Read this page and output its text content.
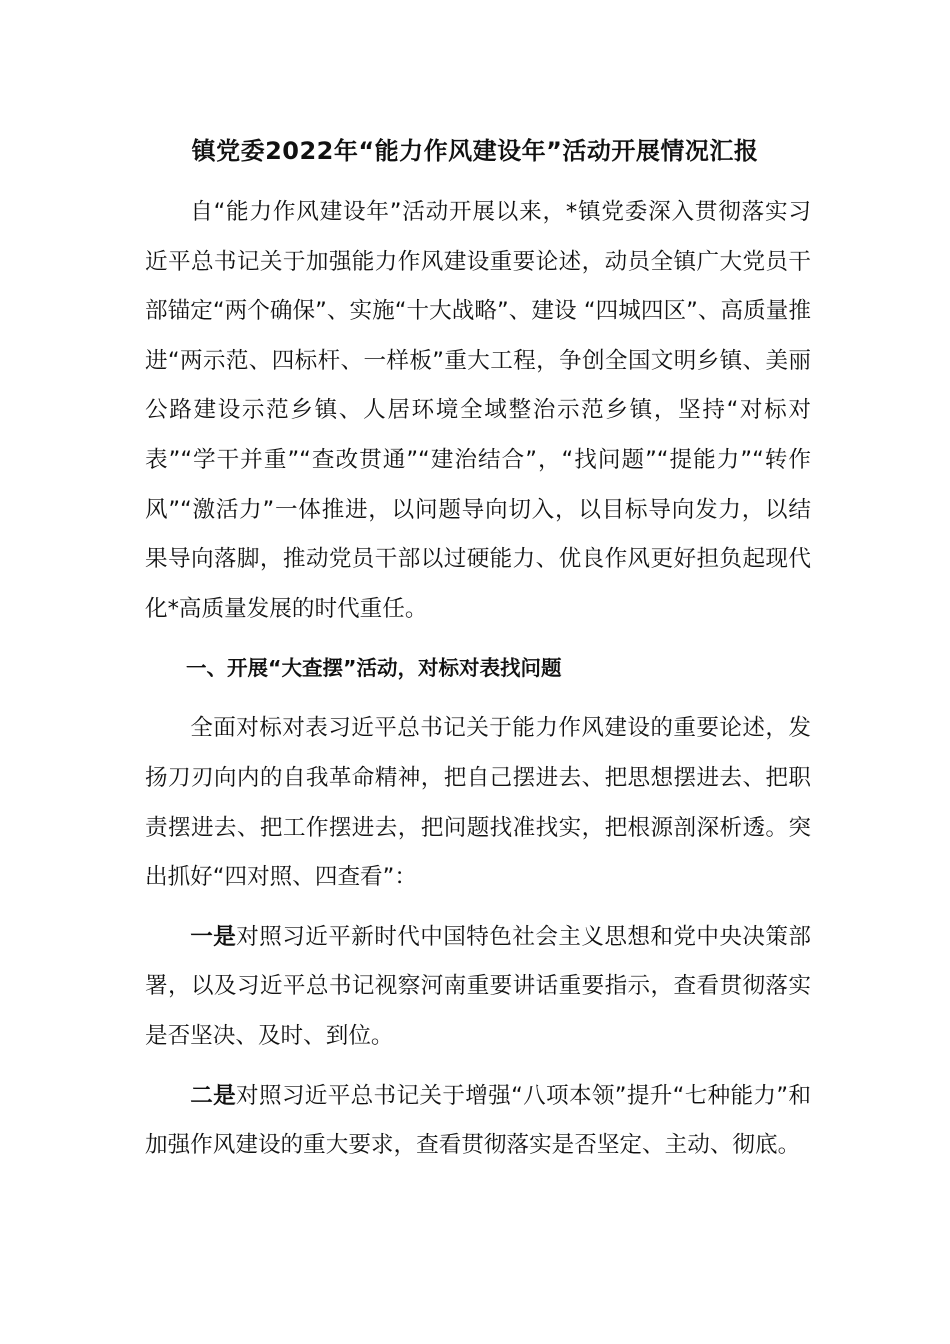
镇党委2022年“能力作风建设年”活动开展情况汇报

自“能力作风建设年”活动开展以来，*镇党委深入贯彻落实习近平总书记关于加强能力作风建设重要论述，动员全镇广大党员干部锚定“两个确保”、实施“十大战略”、建设 “四城四区”、高质量推进“两示范、四标杆、一样板”重大工程，争创全国文明乡镇、美丽公路建设示范乡镇、人居环境全域整治示范乡镇，坚持“对标对表”“学干并重”“查改贯通”“建治结合”，“找问题”“提能力”“转作风”“激活力”一体推进，以问题导向切入，以目标导向发力，以结果导向落脚，推动党员干部以过硬能力、优良作风更好担负起现代化*高质量发展的时代重任。

一、开展“大查摆”活动，对标对表找问题

全面对标对表习近平总书记关于能力作风建设的重要论述，发扬刀刃向内的自我革命精神，把自己摆进去、把思想摆进去、把职责摆进去、把工作摆进去，把问题找准找实，把根源剖深析透。突出抓好“四对照、四查看”：

一是对照习近平新时代中国特色社会主义思想和党中央决策部署，以及习近平总书记视察河南重要讲话重要指示，查看贯彻落实是否坚决、及时、到位。

二是对照习近平总书记关于增强“八项本领”提升“七种能力”和加强作风建设的重大要求，查看贯彻落实是否坚定、主动、彻底。
